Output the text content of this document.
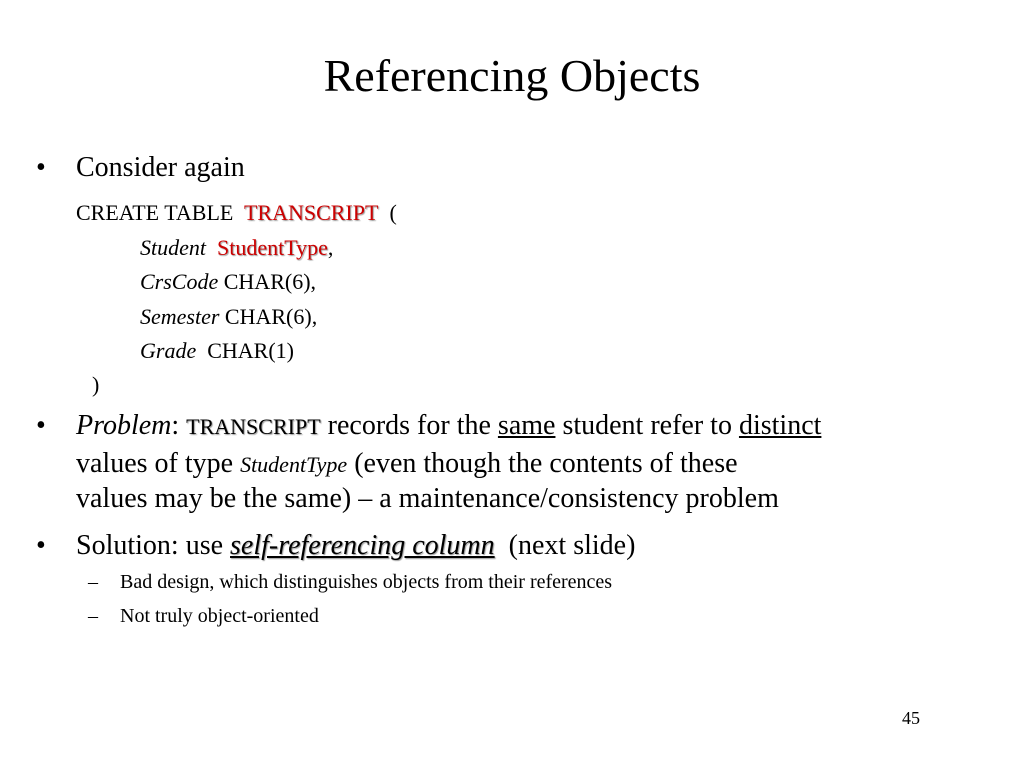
Referencing Objects
• Consider again
CREATE TABLE TRANSCRIPT (
Student StudentType,
CrsCode CHAR(6),
Semester CHAR(6),
Grade CHAR(1)
)
• Problem: TRANSCRIPT records for the same student refer to distinct
values of type StudentType (even though the contents of these
values may be the same) – a maintenance/consistency problem
• Solution: use self-referencing column (next slide)
– Bad design, which distinguishes objects from their references
– Not truly object-oriented
45
